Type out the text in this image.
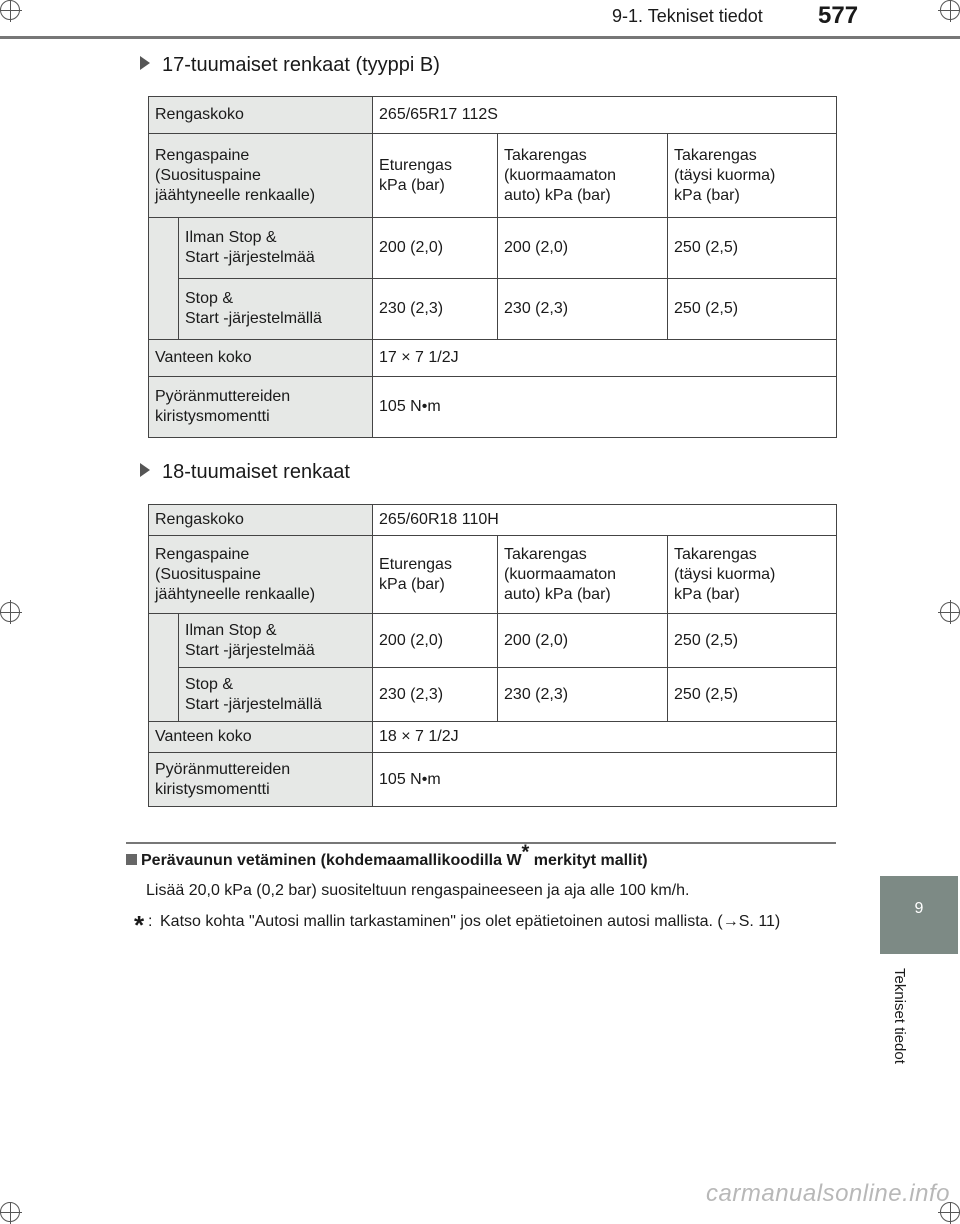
9-1. Tekniset tiedot 577
9
Tekniset tiedot
17-tuumaiset renkaat (tyyppi B)
Rengaskoko		265/65R17 112S		
Rengaspaine
(Suosituspaine
jäähtyneelle renkaalle)		Eturengas
kPa (bar)	Takarengas
(kuormaamaton
auto) kPa (bar)	Takarengas
(täysi kuorma)
kPa (bar)
	Ilman Stop &
Start -järjestelmää	200 (2,0)	200 (2,0)	250 (2,5)
	Stop &
Start -järjestelmällä	230 (2,3)	230 (2,3)	250 (2,5)
Vanteen koko		17 × 7 1/2J		
Pyöränmuttereiden
kiristysmomentti		105 N•m		
18-tuumaiset renkaat
Rengaskoko		265/60R18 110H		
Rengaspaine
(Suosituspaine
jäähtyneelle renkaalle)		Eturengas
kPa (bar)	Takarengas
(kuormaamaton
auto) kPa (bar)	Takarengas
(täysi kuorma)
kPa (bar)
	Ilman Stop &
Start -järjestelmää	200 (2,0)	200 (2,0)	250 (2,5)
	Stop &
Start -järjestelmällä	230 (2,3)	230 (2,3)	250 (2,5)
Vanteen koko		18 × 7 1/2J		
Pyöränmuttereiden
kiristysmomentti		105 N•m		
Perävaunun vetäminen (kohdemaamallikoodilla W* merkityt mallit)
Lisää 20,0 kPa (0,2 bar) suositeltuun rengaspaineeseen ja aja alle 100 km/h.
* : Katso kohta "Autosi mallin tarkastaminen" jos olet epätietoinen autosi mallista. (→S. 11)
carmanualsonline.info
